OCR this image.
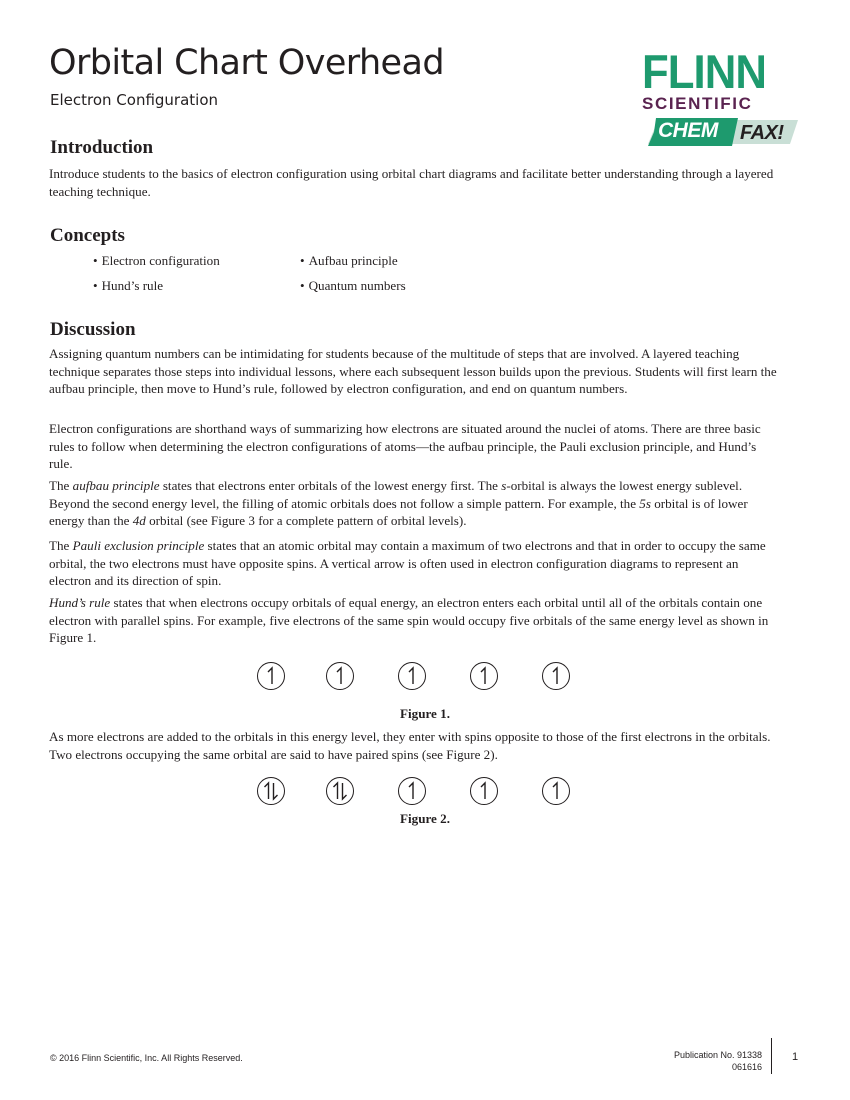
Orbital Chart Overhead
Electron Configuration
FLINN
SCIENTIFIC
CHEM FAX!
Introduction

Introduce students to the basics of electron configuration using orbital chart diagrams and facilitate better understanding through a layered teaching technique.

Concepts
• Electron configuration	• Aufbau principle
• Hund’s rule	• Quantum numbers
Discussion

Assigning quantum numbers can be intimidating for students because of the multitude of steps that are involved. A layered teaching technique separates those steps into individual lessons, where each subsequent lesson builds upon the previous. Students will first learn the aufbau principle, then move to Hund’s rule, followed by electron configuration, and end on quantum numbers.

Electron configurations are shorthand ways of summarizing how electrons are situated around the nuclei of atoms. There are three basic rules to follow when determining the electron configurations of atoms—the aufbau principle, the Pauli exclusion principle, and Hund’s rule.

The aufbau principle states that electrons enter orbitals of the lowest energy first. The s-orbital is always the lowest energy sublevel. Beyond the second energy level, the filling of atomic orbitals does not follow a simple pattern. For example, the 5s orbital is of lower energy than the 4d orbital (see Figure 3 for a complete pattern of orbital levels).

The Pauli exclusion principle states that an atomic orbital may contain a maximum of two electrons and that in order to occupy the same orbital, the two electrons must have opposite spins. A vertical arrow is often used in electron configuration diagrams to represent an electron and its direction of spin.

Hund’s rule states that when electrons occupy orbitals of equal energy, an electron enters each orbital until all of the orbitals contain one electron with parallel spins. For example, five electrons of the same spin would occupy five orbitals of the same energy level as shown in Figure 1.

Figure 1.

As more electrons are added to the orbitals in this energy level, they enter with spins opposite to those of the first electrons in the orbitals. Two electrons occupying the same orbital are said to have paired spins (see Figure 2).

Figure 2.
© 2016 Flinn Scientific, Inc. All Rights Reserved.	Publication No. 91338
061616
1
